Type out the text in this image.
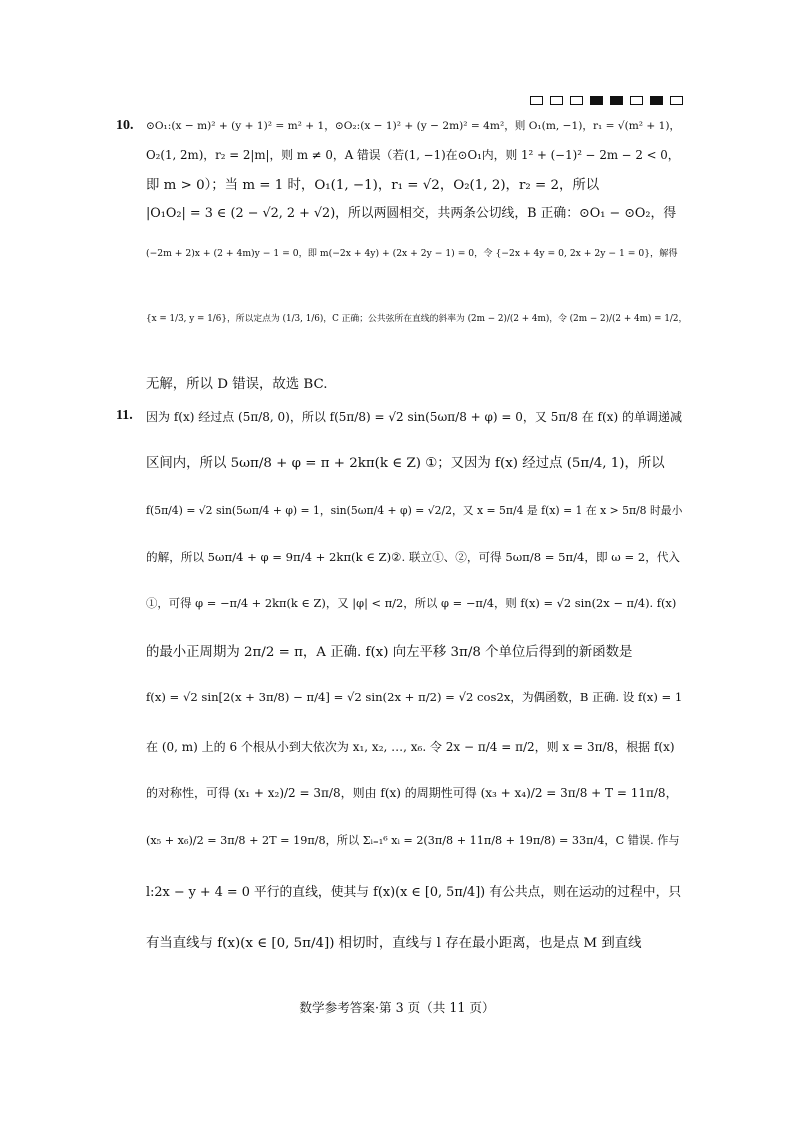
10. ⊙O₁:(x − m)² + (y + 1)² = m² + 1，⊙O₂:(x − 1)² + (y − 2m)² = 4m²，则 O₁(m, −1)，r₁ = √(m² + 1)，
O₂(1, 2m)，r₂ = 2|m|，则 m ≠ 0，A 错误（若(1, −1)在⊙O₁内，则 1² + (−1)² − 2m − 2 < 0，
即 m > 0）；当 m = 1 时，O₁(1, −1)，r₁ = √2，O₂(1, 2)，r₂ = 2，所以
|O₁O₂| = 3 ∈ (2 − √2, 2 + √2)，所以两圆相交，共两条公切线，B 正确：⊙O₁ − ⊙O₂，得
(−2m + 2)x + (2 + 4m)y − 1 = 0，即 m(−2x + 4y) + (2x + 2y − 1) = 0，令 {−2x + 4y = 0, 2x + 2y − 1 = 0}，解得
{x = 1/3, y = 1/6}，所以定点为 (1/3, 1/6)，C 正确；公共弦所在直线的斜率为 (2m − 2)/(2 + 4m)，令 (2m − 2)/(2 + 4m) = 1/2，
无解，所以 D 错误，故选 BC.
11. 因为 f(x) 经过点 (5π/8, 0)，所以 f(5π/8) = √2 sin(5ωπ/8 + φ) = 0，又 5π/8 在 f(x) 的单调递减
区间内，所以 5ωπ/8 + φ = π + 2kπ(k ∈ Z) ①；又因为 f(x) 经过点 (5π/4, 1)，所以
f(5π/4) = √2 sin(5ωπ/4 + φ) = 1，sin(5ωπ/4 + φ) = √2/2，又 x = 5π/4 是 f(x) = 1 在 x > 5π/8 时最小
的解，所以 5ωπ/4 + φ = 9π/4 + 2kπ(k ∈ Z)②. 联立①、②，可得 5ωπ/8 = 5π/4，即 ω = 2，代入
①，可得 φ = −π/4 + 2kπ(k ∈ Z)，又 |φ| < π/2，所以 φ = −π/4，则 f(x) = √2 sin(2x − π/4). f(x)
的最小正周期为 2π/2 = π，A 正确. f(x) 向左平移 3π/8 个单位后得到的新函数是
f(x) = √2 sin[2(x + 3π/8) − π/4] = √2 sin(2x + π/2) = √2 cos2x，为偶函数，B 正确. 设 f(x) = 1
在 (0, m) 上的 6 个根从小到大依次为 x₁, x₂, …, x₆. 令 2x − π/4 = π/2，则 x = 3π/8，根据 f(x)
的对称性，可得 (x₁ + x₂)/2 = 3π/8，则由 f(x) 的周期性可得 (x₃ + x₄)/2 = 3π/8 + T = 11π/8，
(x₅ + x₆)/2 = 3π/8 + 2T = 19π/8，所以 Σᵢ₌₁⁶ xᵢ = 2(3π/8 + 11π/8 + 19π/8) = 33π/4，C 错误. 作与
l:2x − y + 4 = 0 平行的直线，使其与 f(x)(x ∈ [0, 5π/4]) 有公共点，则在运动的过程中，只
有当直线与 f(x)(x ∈ [0, 5π/4]) 相切时，直线与 l 存在最小距离，也是点 M 到直线
数学参考答案·第 3 页（共 11 页）
